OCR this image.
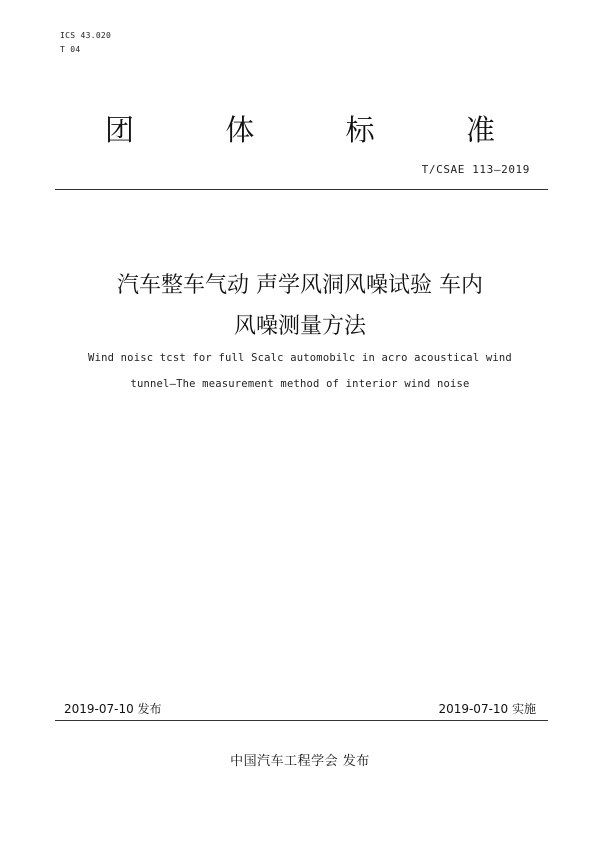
ICS 43.020
T 04
团	体	标	准
T/CSAE 113—2019
汽车整车气动 声学风洞风噪试验 车内
风噪测量方法
Wind noisc tcst for full Scalc automobilc in acro acoustical wind
tunnel—The measurement method of interior wind noise
2019-07-10 发布	2019-07-10 实施
中国汽车工程学会 发布
